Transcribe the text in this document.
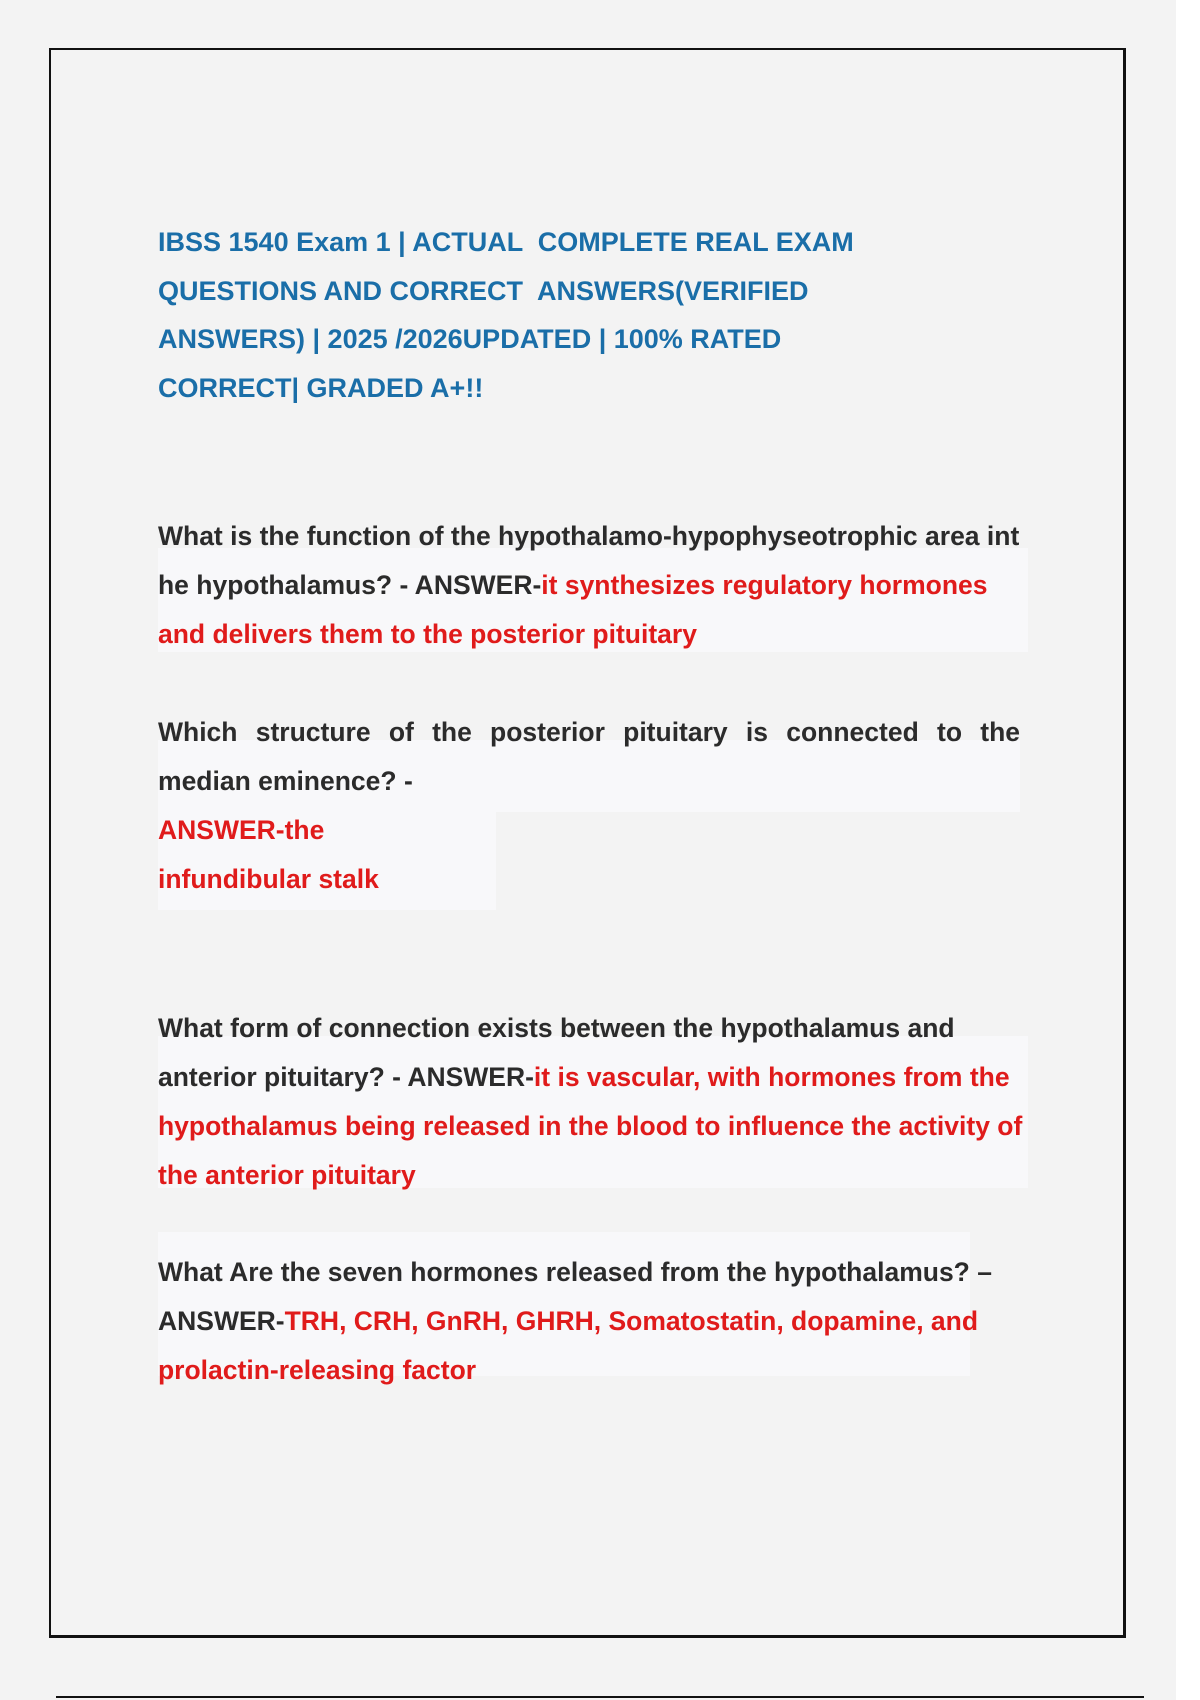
IBSS 1540 Exam 1 | ACTUAL  COMPLETE REAL EXAM
QUESTIONS AND CORRECT  ANSWERS(VERIFIED
ANSWERS) | 2025 /2026UPDATED | 100% RATED
CORRECT| GRADED A+!!

What is the function of the hypothalamo-hypophyseotrophic area int he hypothalamus? - ANSWER-it synthesizes regulatory hormones and delivers them to the posterior pituitary

Which structure of the posterior pituitary is connected to the median eminence? -

ANSWER-the
infundibular stalk

What form of connection exists between the hypothalamus and anterior pituitary? - ANSWER-it is vascular, with hormones from the hypothalamus being released in the blood to influence the activity of the anterior pituitary

What Are the seven hormones released from the hypothalamus? – ANSWER-TRH, CRH, GnRH, GHRH, Somatostatin, dopamine, and prolactin-releasing factor
